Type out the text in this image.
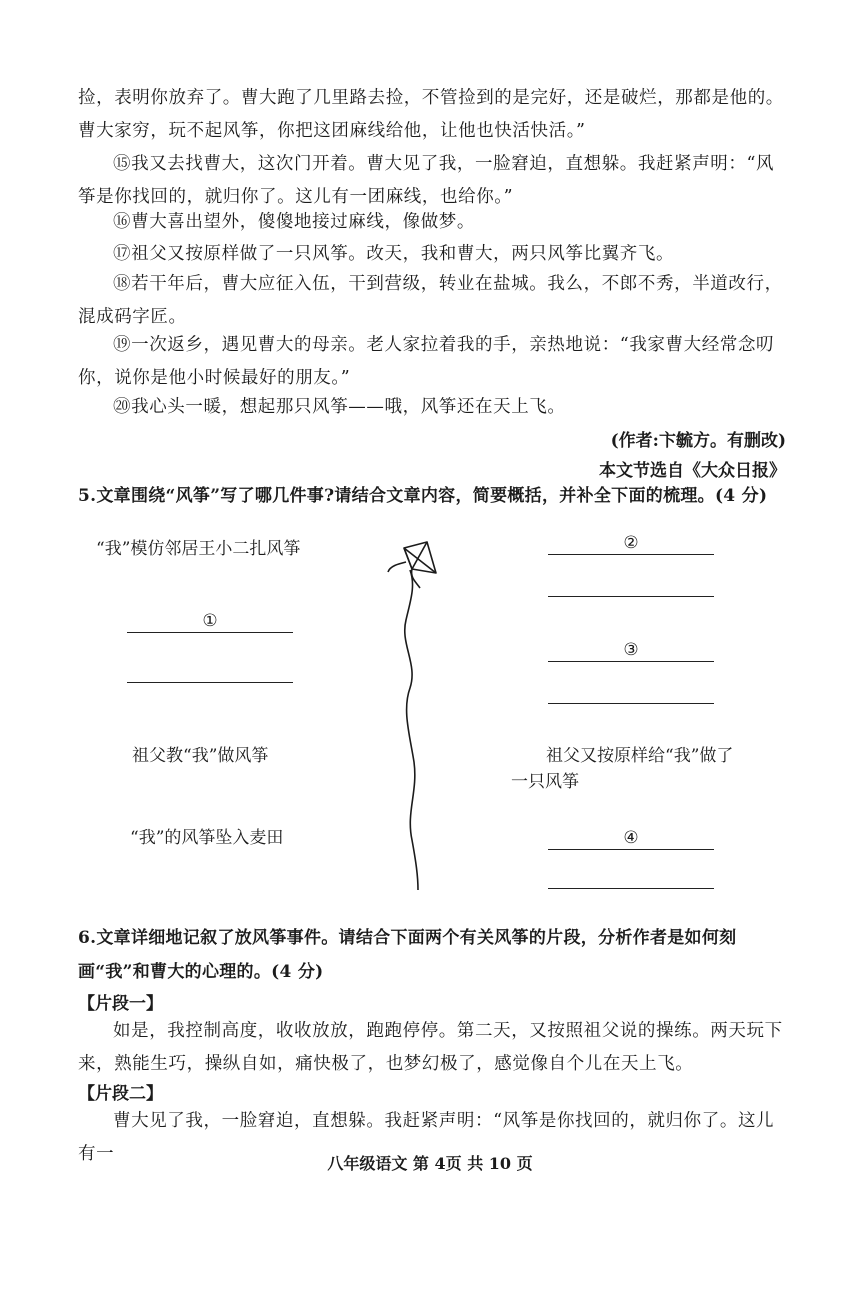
捡，表明你放弃了。曹大跑了几里路去捡，不管捡到的是完好，还是破烂，那都是他的。曹大家穷，玩不起风筝，你把这团麻线给他，让他也快活快活。”

⑮我又去找曹大，这次门开着。曹大见了我，一脸窘迫，直想躲。我赶紧声明：“风筝是你找回的，就归你了。这儿有一团麻线，也给你。”

⑯曹大喜出望外，傻傻地接过麻线，像做梦。

⑰祖父又按原样做了一只风筝。改天，我和曹大，两只风筝比翼齐飞。

⑱若干年后，曹大应征入伍，干到营级，转业在盐城。我么，不郎不秀，半道改行，混成码字匠。

⑲一次返乡，遇见曹大的母亲。老人家拉着我的手，亲热地说：“我家曹大经常念叨你，说你是他小时候最好的朋友。”

⑳我心头一暖，想起那只风筝——哦，风筝还在天上飞。

(作者:卞毓方。有删改)
本文节选自《大众日报》

5.文章围绕“风筝”写了哪几件事?请结合文章内容，简要概括，并补全下面的梳理。(4 分)

“我”模仿邻居王小二扎风筝
①
祖父教“我”做风筝
“我”的风筝坠入麦田
②
③
祖父又按原样给“我”做了
一只风筝
④

6.文章详细地记叙了放风筝事件。请结合下面两个有关风筝的片段，分析作者是如何刻画“我”和曹大的心理的。(4 分)

【片段一】

如是，我控制高度，收收放放，跑跑停停。第二天，又按照祖父说的操练。两天玩下来，熟能生巧，操纵自如，痛快极了，也梦幻极了，感觉像自个儿在天上飞。

【片段二】

曹大见了我，一脸窘迫，直想躲。我赶紧声明：“风筝是你找回的，就归你了。这儿有一	八年级语文 第 4页 共 10 页
